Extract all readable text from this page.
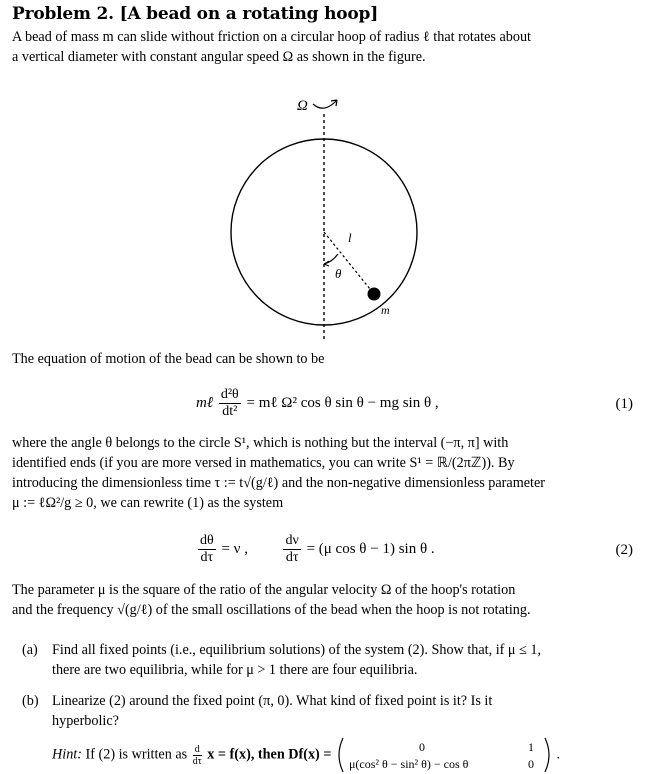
Problem 2. [A bead on a rotating hoop]
A bead of mass m can slide without friction on a circular hoop of radius ℓ that rotates about
a vertical diameter with constant angular speed Ω as shown in the figure.
Ω
l
θ
m
The equation of motion of the bead can be shown to be
mℓ $\frac{\text{d²θ}}{\text{dt²}}$ = mℓ Ω² cos θ sin θ − mg sin θ ,	(1)
where the angle θ belongs to the circle S¹, which is nothing but the interval (−π, π] with
identified ends (if you are more versed in mathematics, you can write S¹ = ℝ/(2πℤ)). By
introducing the dimensionless time τ := t√(g/ℓ) and the non-negative dimensionless parameter
μ := ℓΩ²/g ≥ 0, we can rewrite (1) as the system
$\frac{d\theta}{d\tau} = \nu$ ,	$\frac{d\nu}{d\tau} = (\mu$ cos θ − 1) sin θ .	(2)
The parameter μ is the square of the ratio of the angular velocity Ω of the hoop's rotation
and the frequency √(g/ℓ) of the small oscillations of the bead when the hoop is not rotating.
(a) Find all fixed points (i.e., equilibrium solutions) of the system (2). Show that, if μ ≤ 1,
there are two equilibria, while for μ > 1 there are four equilibria.
(b) Linearize (2) around the fixed point (π, 0). What kind of fixed point is it? Is it
hyperbolic?
Hint: If (2) is written as $\frac{d}{d\tau}$ x = f(x), then Df(x) =	0	1
μ(cos² θ − sin² θ) − cos θ	0
.
